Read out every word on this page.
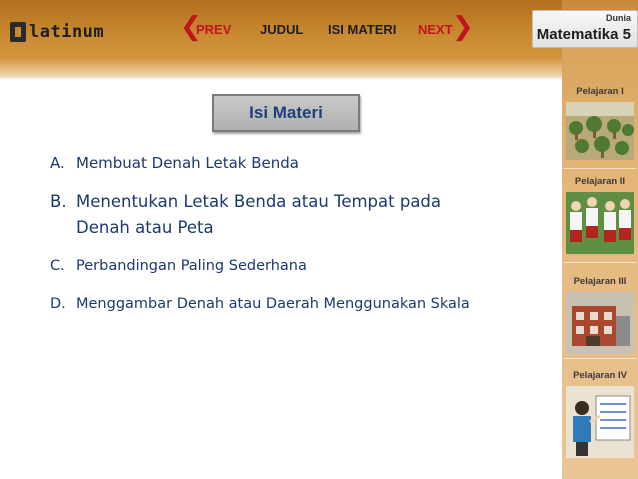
latinum	❮
PREV JUDUL ISI MATERI NEXT ❯
Pelajaran I
Pelajaran II
Pelajaran III
Pelajaran IV
Dunia
Matematika 5
Isi Materi
A. Membuat Denah Letak Benda
B. Menentukan Letak Benda atau Tempat pada
Denah atau Peta
C. Perbandingan Paling Sederhana
D. Menggambar Denah atau Daerah Menggunakan Skala
